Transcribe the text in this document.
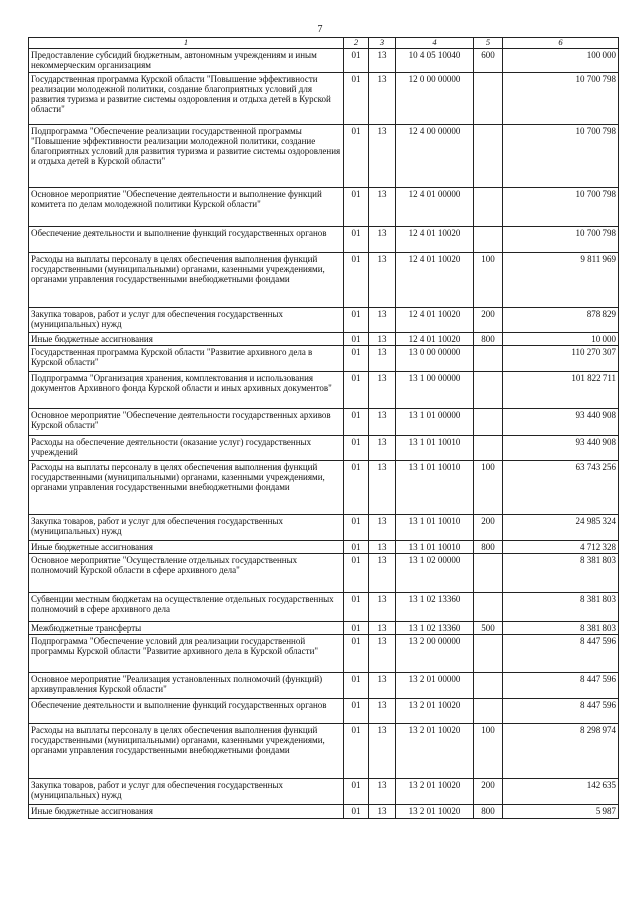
7
1	2	3	4	5	6
Предоставление субсидий бюджетным, автономным учреждениям и иным некоммерческим организациям	01	13	10 4 05 10040	600	100 000
Государственная программа Курской области "Повышение эффективности реализации молодежной политики, создание благоприятных условий для развития туризма и развитие системы оздоровления и отдыха детей в Курской области"	01	13	12 0 00 00000		10 700 798
Подпрограмма "Обеспечение реализации государственной программы "Повышение эффективности реализации молодежной политики, создание благоприятных условий для развития туризма и развитие системы оздоровления и отдыха детей в Курской области"	01	13	12 4 00 00000		10 700 798
Основное мероприятие "Обеспечение деятельности и выполнение функций комитета по делам молодежной политики Курской области"	01	13	12 4 01 00000		10 700 798
Обеспечение деятельности и выполнение функций государственных органов	01	13	12 4 01 10020		10 700 798
Расходы на выплаты персоналу в целях обеспечения выполнения функций государственными (муниципальными) органами, казенными учреждениями, органами управления государственными внебюджетными фондами	01	13	12 4 01 10020	100	9 811 969
Закупка товаров, работ и услуг для обеспечения государственных (муниципальных) нужд	01	13	12 4 01 10020	200	878 829
Иные бюджетные ассигнования	01	13	12 4 01 10020	800	10 000
Государственная программа Курской области "Развитие архивного дела в Курской области"	01	13	13 0 00 00000		110 270 307
Подпрограмма "Организация хранения, комплектования и использования документов Архивного фонда Курской области и иных архивных документов"	01	13	13 1 00 00000		101 822 711
Основное мероприятие "Обеспечение деятельности государственных архивов Курской области"	01	13	13 1 01 00000		93 440 908
Расходы на обеспечение деятельности (оказание услуг) государственных учреждений	01	13	13 1 01 10010		93 440 908
Расходы на выплаты персоналу в целях обеспечения выполнения функций государственными (муниципальными) органами, казенными учреждениями, органами управления государственными внебюджетными фондами	01	13	13 1 01 10010	100	63 743 256
Закупка товаров, работ и услуг для обеспечения государственных (муниципальных) нужд	01	13	13 1 01 10010	200	24 985 324
Иные бюджетные ассигнования	01	13	13 1 01 10010	800	4 712 328
Основное мероприятие "Осуществление отдельных государственных полномочий Курской области в сфере архивного дела"	01	13	13 1 02 00000		8 381 803
Субвенции местным бюджетам на осуществление отдельных государственных полномочий в сфере архивного дела	01	13	13 1 02 13360		8 381 803
Межбюджетные трансферты	01	13	13 1 02 13360	500	8 381 803
Подпрограмма "Обеспечение условий для реализации государственной программы Курской области "Развитие архивного дела в Курской области"	01	13	13 2 00 00000		8 447 596
Основное мероприятие "Реализация установленных полномочий (функций) архивуправления Курской области"	01	13	13 2 01 00000		8 447 596
Обеспечение деятельности и выполнение функций государственных органов	01	13	13 2 01 10020		8 447 596
Расходы на выплаты персоналу в целях обеспечения выполнения функций государственными (муниципальными) органами, казенными учреждениями, органами управления государственными внебюджетными фондами	01	13	13 2 01 10020	100	8 298 974
Закупка товаров, работ и услуг для обеспечения государственных (муниципальных) нужд	01	13	13 2 01 10020	200	142 635
Иные бюджетные ассигнования	01	13	13 2 01 10020	800	5 987
